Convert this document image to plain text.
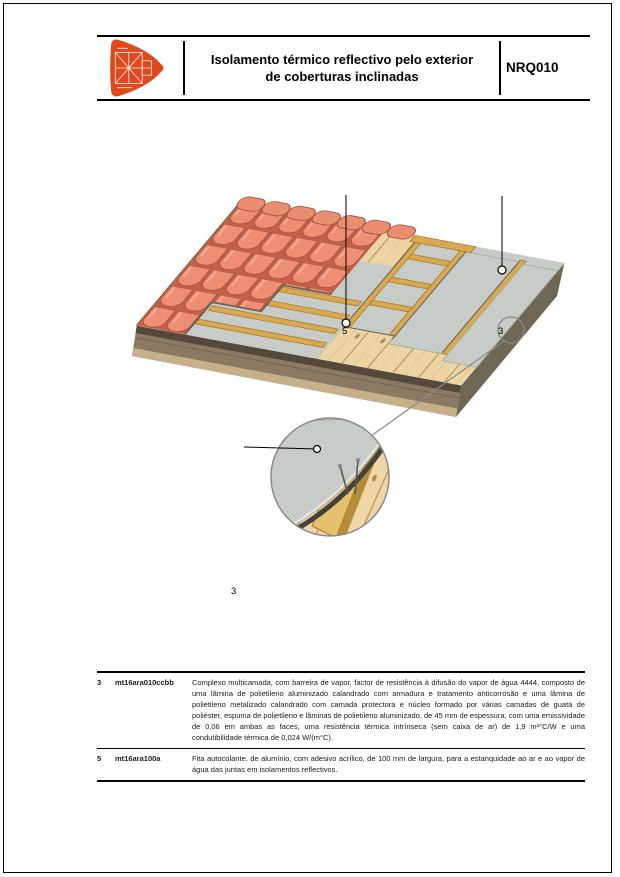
Isolamento térmico reflectivo pelo exterior
de coberturas inclinadas
NRQ010
5	3
3
3	mt16ara010ccbb	Complexo multicamada, com barreira de vapor, factor de resistência à difusão do vapor de água 4444, composto de uma lâmina de polietileno aluminizado calandrado com armadura e tratamento anticorrosão e uma lâmina de polietileno metalizado calandrado com camada protectora e núcleo formado por várias camadas de guata de poliéster, espuma de polietileno e lâminas de polietileno aluminizado, de 45 mm de espessura, com uma emissividade de 0,06 em ambas as faces, uma resistência térmica intrínseca (sem caixa de ar) de 1,9 m²°C/W e uma condutibilidade térmica de 0,024 W/(m°C).
5	mt16ara100a	Fita autocolante, de alumínio, com adesivo acrílico, de 100 mm de largura, para a estanquidade ao ar e ao vapor de água das juntas em isolamentos reflectivos.
